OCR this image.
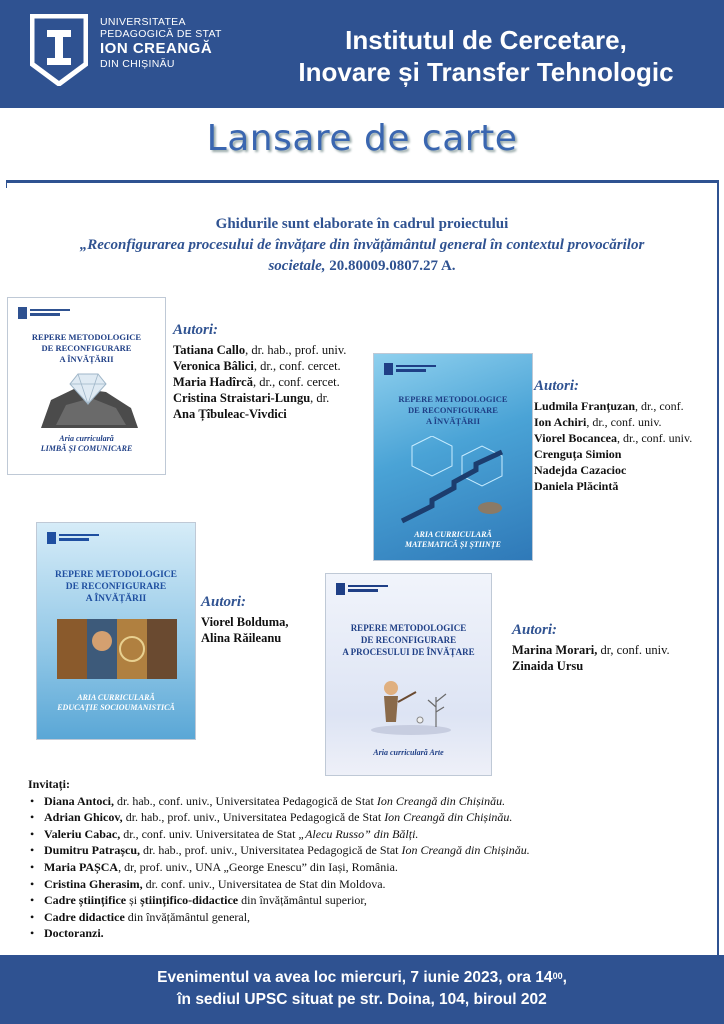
UNIVERSITATEA
PEDAGOGICĂ DE STAT
ION CREANGĂ
DIN CHIȘINĂU
Institutul de Cercetare,
Inovare și Transfer Tehnologic
Lansare de carte
Ghidurile sunt elaborate în cadrul proiectului
„Reconfigurarea procesului de învățare din învățământul general în contextul provocărilor
societale, 20.80009.0807.27 A.
REPERE METODOLOGICE
DE RECONFIGURARE
A ÎNVĂȚĂRII
Aria curriculară
LIMBĂ ȘI COMUNICARE
REPERE METODOLOGICE
DE RECONFIGURARE
A ÎNVĂȚĂRII
ARIA CURRICULARĂ
MATEMATICĂ ȘI ȘTIINȚE
REPERE METODOLOGICE
DE RECONFIGURARE
A ÎNVĂȚĂRII
ARIA CURRICULARĂ
EDUCAȚIE SOCIOUMANISTICĂ
REPERE METODOLOGICE
DE RECONFIGURARE
A PROCESULUI DE ÎNVĂȚARE
Aria curriculară Arte
Autori:
Tatiana Callo, dr. hab., prof. univ.
Veronica Bâlici, dr., conf. cercet.
Maria Hadîrcă, dr., conf. cercet.
Cristina Straistari-Lungu, dr.
Ana Țîbuleac-Vivdici
Autori:
Ludmila Franțuzan, dr., conf.
Ion Achiri, dr., conf. univ.
Viorel Bocancea, dr., conf. univ.
Crenguța Simion
Nadejda Cazacioc
Daniela Plăcintă
Autori:
Viorel Bolduma,
Alina Răileanu	Autori:
Marina Morari, dr, conf. univ.
Zinaida Ursu
Invitați:
• Diana Antoci, dr. hab., conf. univ., Universitatea Pedagogică de Stat Ion Creangă din Chișinău.
• Adrian Ghicov, dr. hab., prof. univ., Universitatea Pedagogică de Stat Ion Creangă din Chișinău.
• Valeriu Cabac, dr., conf. univ. Universitatea de Stat „Alecu Russo” din Bălți.
• Dumitru Patrașcu, dr. hab., prof. univ., Universitatea Pedagogică de Stat Ion Creangă din Chișinău.
• Maria PAȘCA, dr, prof. univ., UNA „George Enescu” din Iași, România.
• Cristina Gherasim, dr. conf. univ., Universitatea de Stat din Moldova.
• Cadre științifice și științifico-didactice din învățământul superior,
• Cadre didactice din învățământul general,
• Doctoranzi.
Evenimentul va avea loc miercuri, 7 iunie 2023, ora $14^{00}$,
în sediul UPSC situat pe str. Doina, 104, biroul 202
